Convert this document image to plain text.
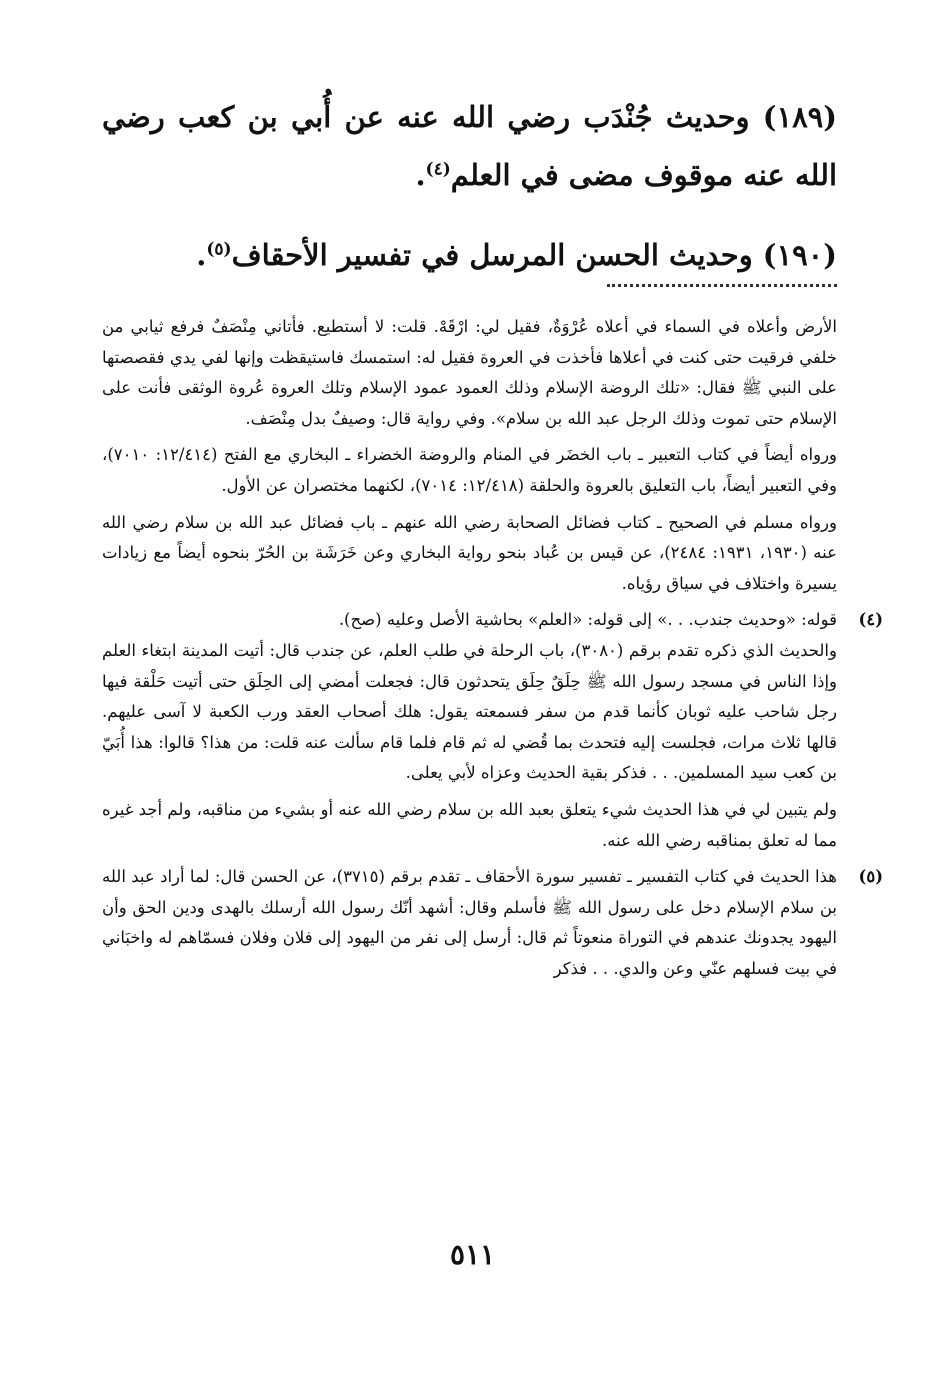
(١٨٩) وحديث جُنْدَب رضي الله عنه عن أُبي بن كعب رضي الله عنه موقوف مضى في العلم$^{(٤)}$.

(١٩٠) وحديث الحسن المرسل في تفسير الأحقاف$^{(٥)}$.

الأرض وأعلاه في السماء في أعلاه عُرْوَةٌ، فقيل لي: ارْقَهْ. قلت: لا أستطيع. فأتاني مِنْصَفٌ فرفع ثيابي من خلفي فرقيت حتى كنت في أعلاها فأخذت في العروة فقيل له: استمسك فاستيقظت وإنها لفي يدي فقصصتها على النبي ﷺ فقال: «تلك الروضة الإسلام وذلك العمود عمود الإسلام وتلك العروة عُروة الوثقى فأنت على الإسلام حتى تموت وذلك الرجل عبد الله بن سلام». وفي رواية قال: وصيفٌ بدل مِنْصَف.

ورواه أيضاً في كتاب التعبير ـ باب الخضَر في المنام والروضة الخضراء ـ البخاري مع الفتح (١٢/٤١٤: ٧٠١٠)، وفي التعبير أيضاً، باب التعليق بالعروة والحلقة (١٢/٤١٨: ٧٠١٤)، لكنهما مختصران عن الأول.

ورواه مسلم في الصحيح ـ كتاب فضائل الصحابة رضي الله عنهم ـ باب فضائل عبد الله بن سلام رضي الله عنه (١٩٣٠، ١٩٣١: ٢٤٨٤)، عن قيس بن عُباد بنحو رواية البخاري وعن خَرَشَة بن الحُرّ بنحوه أيضاً مع زيادات يسيرة واختلاف في سياق رؤياه.

(٤)

قوله: «وحديث جندب. . .» إلى قوله: «العلم» بحاشية الأصل وعليه (صح).

والحديث الذي ذكره تقدم برقم (٣٠٨٠)، باب الرحلة في طلب العلم، عن جندب قال: أتيت المدينة ابتغاء العلم وإذا الناس في مسجد رسول الله ﷺ حِلَقٌ حِلَق يتحدثون قال: فجعلت أمضي إلى الحِلَق حتى أتيت حَلْقة فيها رجل شاحب عليه ثوبان كأنما قدم من سفر فسمعته يقول: هلك أصحاب العقد ورب الكعبة لا آسى عليهم. قالها ثلاث مرات، فجلست إليه فتحدث بما قُضي له ثم قام فلما قام سألت عنه قلت: من هذا؟ قالوا: هذا أُبَيّ بن كعب سيد المسلمين. . . فذكر بقية الحديث وعزاه لأبي يعلى.

ولم يتبين لي في هذا الحديث شيء يتعلق بعبد الله بن سلام رضي الله عنه أو بشيء من مناقبه، ولم أجد غيره مما له تعلق بمناقبه رضي الله عنه.

(٥)

هذا الحديث في كتاب التفسير ـ تفسير سورة الأحقاف ـ تقدم برقم (٣٧١٥)، عن الحسن قال: لما أراد عبد الله بن سلام الإسلام دخل على رسول الله ﷺ فأسلم وقال: أشهد أنّك رسول الله أرسلك بالهدى ودين الحق وأن اليهود يجدونك عندهم في التوراة منعوتاً ثم قال: أرسل إلى نفر من اليهود إلى فلان وفلان فسمّاهم له واخبَاني في بيت فسلهم عنّي وعن والدي. . . فذكر

٥١١
